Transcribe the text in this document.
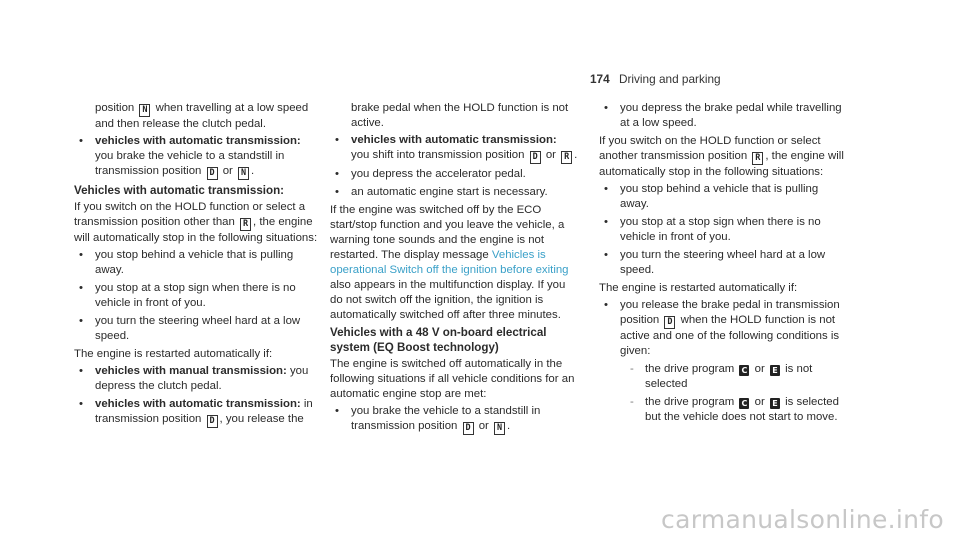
174 Driving and parking

position N when travelling at a low speed and then release the clutch pedal.

• vehicles with automatic transmission: you brake the vehicle to a standstill in transmission position D or N .
Vehicles with automatic transmission:

If you switch on the HOLD function or select a transmission position other than R , the engine will automatically stop in the following situations:

• you stop behind a vehicle that is pulling away.
• you stop at a stop sign when there is no vehicle in front of you.
• you turn the steering wheel hard at a low speed.

The engine is restarted automatically if:

• vehicles with manual transmission: you depress the clutch pedal.
• vehicles with automatic transmission: in transmission position D , you release the

brake pedal when the HOLD function is not active.

• vehicles with automatic transmission: you shift into transmission position D or R .
• you depress the accelerator pedal.
• an automatic engine start is necessary.

If the engine was switched off by the ECO start/stop function and you leave the vehicle, a warning tone sounds and the engine is not restarted. The display message Vehicles is operational Switch off the ignition before exiting also appears in the multifunction display. If you do not switch off the ignition, the ignition is automatically switched off after three minutes.

Vehicles with a 48 V on-board electrical system (EQ Boost technology)

The engine is switched off automatically in the following situations if all vehicle conditions for an automatic engine stop are met:

• you brake the vehicle to a standstill in transmission position D or N .
• you depress the brake pedal while travelling at a low speed.

If you switch on the HOLD function or select another transmission position R , the engine will automatically stop in the following situations:

• you stop behind a vehicle that is pulling away.
• you stop at a stop sign when there is no vehicle in front of you.
• you turn the steering wheel hard at a low speed.

The engine is restarted automatically if:

• you release the brake pedal in transmission position D when the HOLD function is not active and one of the following conditions is given:
- the drive program C or E is not selected
- the drive program C or E is selected but the vehicle does not start to move.
carmanualsonline.info
